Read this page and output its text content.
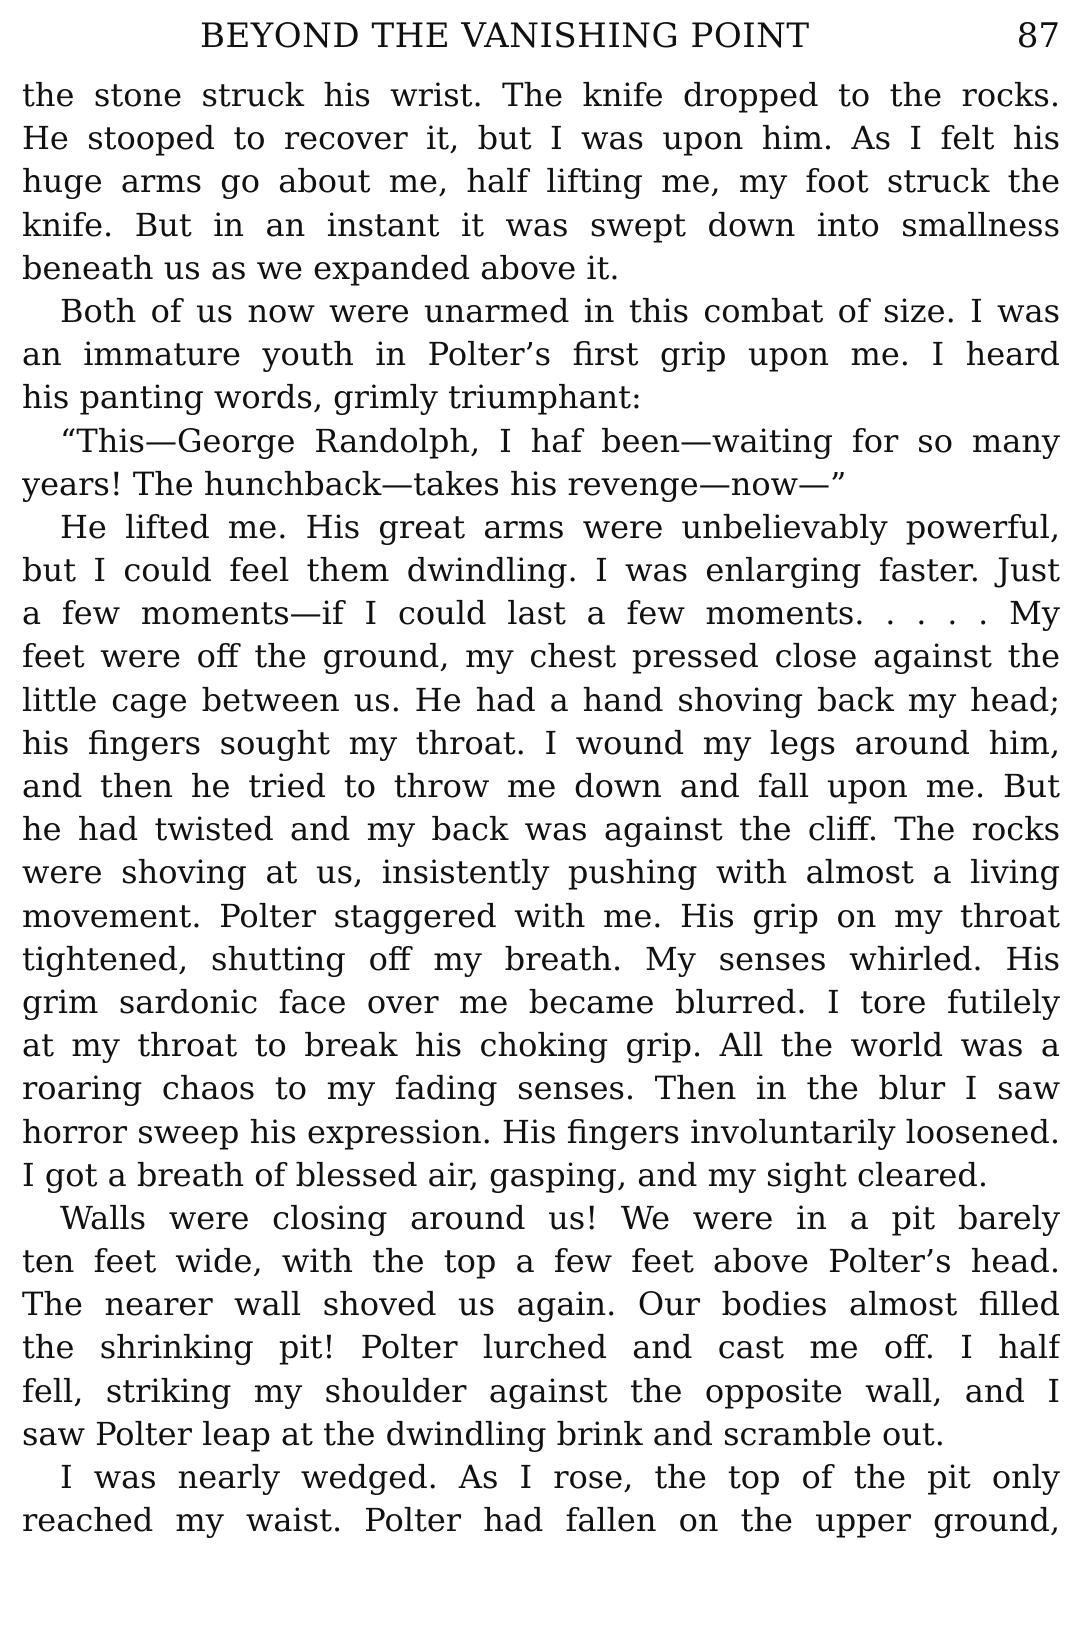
BEYOND THE VANISHING POINT	87
the stone struck his wrist. The knife dropped to the rocks.
He stooped to recover it, but I was upon him. As I felt his
huge arms go about me, half lifting me, my foot struck the
knife. But in an instant it was swept down into smallness
beneath us as we expanded above it.
Both of us now were unarmed in this combat of size. I was
an immature youth in Polter’s first grip upon me. I heard
his panting words, grimly triumphant:
“This—George Randolph, I haf been—waiting for so many
years! The hunchback—takes his revenge—now—”
He lifted me. His great arms were unbelievably powerful,
but I could feel them dwindling. I was enlarging faster. Just
a few moments—if I could last a few moments. . . . . My
feet were off the ground, my chest pressed close against the
little cage between us. He had a hand shoving back my head;
his fingers sought my throat. I wound my legs around him,
and then he tried to throw me down and fall upon me. But
he had twisted and my back was against the cliff. The rocks
were shoving at us, insistently pushing with almost a living
movement. Polter staggered with me. His grip on my throat
tightened, shutting off my breath. My senses whirled. His
grim sardonic face over me became blurred. I tore futilely
at my throat to break his choking grip. All the world was a
roaring chaos to my fading senses. Then in the blur I saw
horror sweep his expression. His fingers involuntarily loosened.
I got a breath of blessed air, gasping, and my sight cleared.
Walls were closing around us! We were in a pit barely
ten feet wide, with the top a few feet above Polter’s head.
The nearer wall shoved us again. Our bodies almost filled
the shrinking pit! Polter lurched and cast me off. I half
fell, striking my shoulder against the opposite wall, and I
saw Polter leap at the dwindling brink and scramble out.
I was nearly wedged. As I rose, the top of the pit only
reached my waist. Polter had fallen on the upper ground,
